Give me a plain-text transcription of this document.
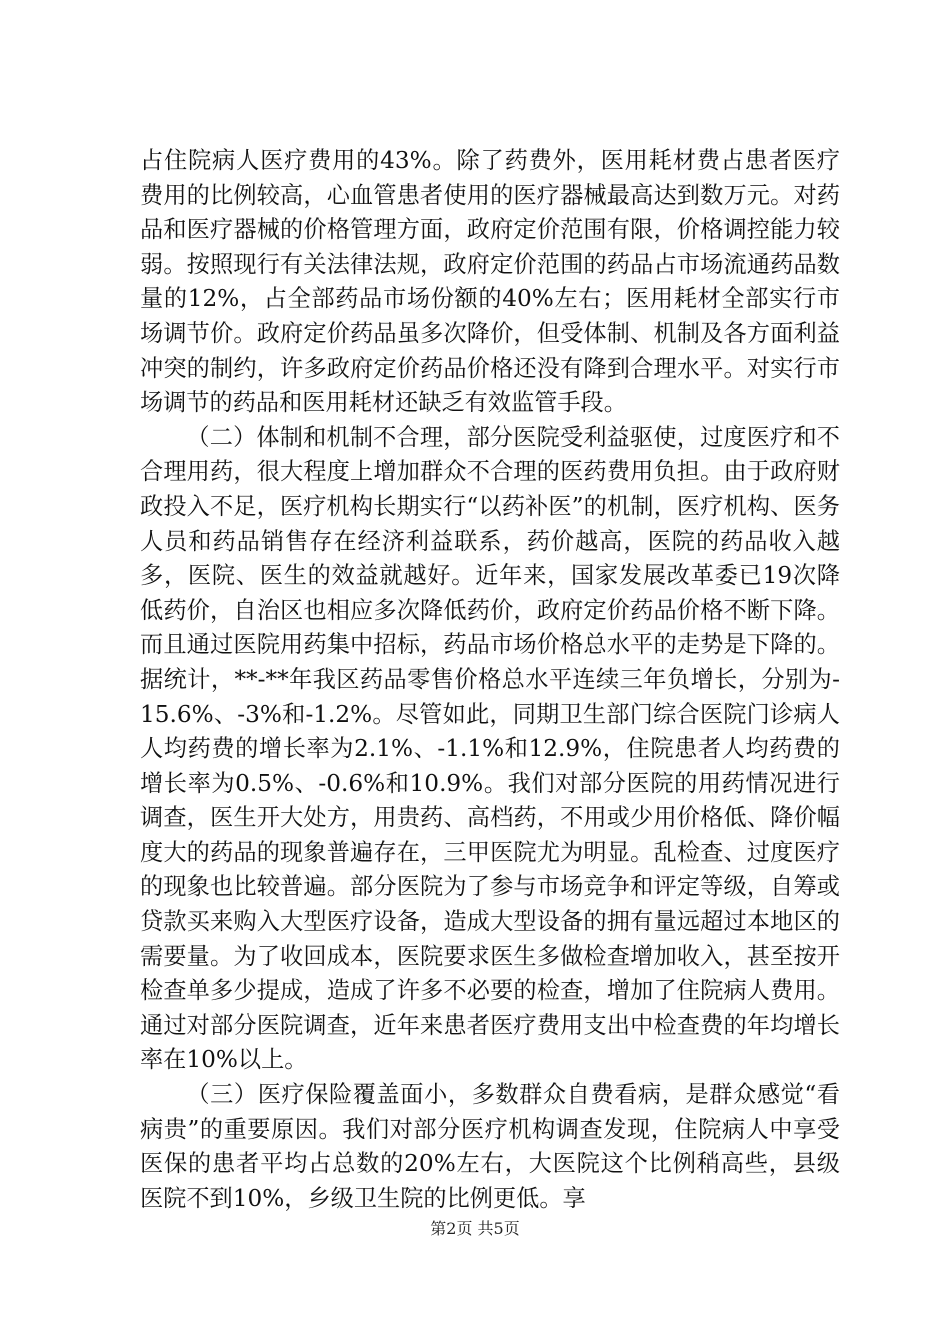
占住院病人医疗费用的43%。除了药费外，医用耗材费占患者医疗费用的比例较高，心血管患者使用的医疗器械最高达到数万元。对药品和医疗器械的价格管理方面，政府定价范围有限，价格调控能力较弱。按照现行有关法律法规，政府定价范围的药品占市场流通药品数量的12%，占全部药品市场份额的40%左右；医用耗材全部实行市场调节价。政府定价药品虽多次降价，但受体制、机制及各方面利益冲突的制约，许多政府定价药品价格还没有降到合理水平。对实行市场调节的药品和医用耗材还缺乏有效监管手段。

（二）体制和机制不合理，部分医院受利益驱使，过度医疗和不合理用药，很大程度上增加群众不合理的医药费用负担。由于政府财政投入不足，医疗机构长期实行“以药补医”的机制，医疗机构、医务人员和药品销售存在经济利益联系，药价越高，医院的药品收入越多，医院、医生的效益就越好。近年来，国家发展改革委已19次降低药价，自治区也相应多次降低药价，政府定价药品价格不断下降。而且通过医院用药集中招标，药品市场价格总水平的走势是下降的。据统计，**-**年我区药品零售价格总水平连续三年负增长，分别为-15.6%、-3%和-1.2%。尽管如此，同期卫生部门综合医院门诊病人人均药费的增长率为2.1%、-1.1%和12.9%，住院患者人均药费的增长率为0.5%、-0.6%和10.9%。我们对部分医院的用药情况进行调查，医生开大处方，用贵药、高档药，不用或少用价格低、降价幅度大的药品的现象普遍存在，三甲医院尤为明显。乱检查、过度医疗的现象也比较普遍。部分医院为了参与市场竞争和评定等级，自筹或贷款买来购入大型医疗设备，造成大型设备的拥有量远超过本地区的需要量。为了收回成本，医院要求医生多做检查增加收入，甚至按开检查单多少提成，造成了许多不必要的检查，增加了住院病人费用。通过对部分医院调查，近年来患者医疗费用支出中检查费的年均增长率在10%以上。

（三）医疗保险覆盖面小，多数群众自费看病，是群众感觉“看病贵”的重要原因。我们对部分医疗机构调查发现，住院病人中享受医保的患者平均占总数的20%左右，大医院这个比例稍高些，县级医院不到10%，乡级卫生院的比例更低。享

第2页 共5页
